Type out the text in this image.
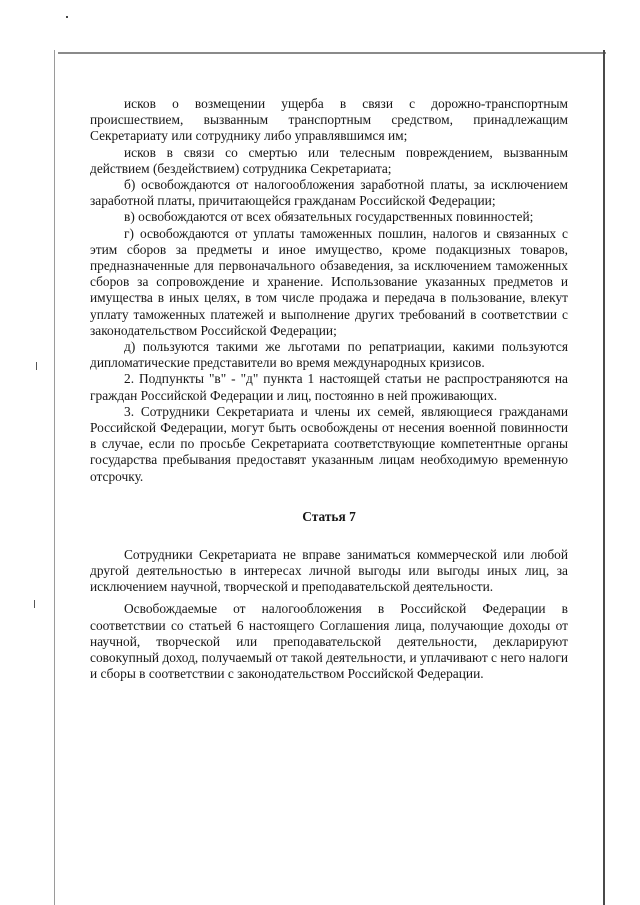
исков о возмещении ущерба в связи с дорожно-транспортным происшествием, вызванным транспортным средством, принадлежащим Секретариату или сотруднику либо управлявшимся им;

исков в связи со смертью или телесным повреждением, вызванным действием (бездействием) сотрудника Секретариата;

б) освобождаются от налогообложения заработной платы, за исключением заработной платы, причитающейся гражданам Российской Федерации;

в) освобождаются от всех обязательных государственных повинностей;

г) освобождаются от уплаты таможенных пошлин, налогов и связанных с этим сборов за предметы и иное имущество, кроме подакцизных товаров, предназначенные для первоначального обзаведения, за исключением таможенных сборов за сопровождение и хранение. Использование указанных предметов и имущества в иных целях, в том числе продажа и передача в пользование, влекут уплату таможенных платежей и выполнение других требований в соответствии с законодательством Российской Федерации;

д) пользуются такими же льготами по репатриации, какими пользуются дипломатические представители во время международных кризисов.

2. Подпункты "в" - "д" пункта 1 настоящей статьи не распространяются на граждан Российской Федерации и лиц, постоянно в ней проживающих.

3. Сотрудники Секретариата и члены их семей, являющиеся гражданами Российской Федерации, могут быть освобождены от несения военной повинности в случае, если по просьбе Секретариата соответствующие компетентные органы государства пребывания предоставят указанным лицам необходимую временную отсрочку.

Статья 7

Сотрудники Секретариата не вправе заниматься коммерческой или любой другой деятельностью в интересах личной выгоды или выгоды иных лиц, за исключением научной, творческой и преподавательской деятельности.

Освобождаемые от налогообложения в Российской Федерации в соответствии со статьей 6 настоящего Соглашения лица, получающие доходы от научной, творческой или преподавательской деятельности, декларируют совокупный доход, получаемый от такой деятельности, и уплачивают с него налоги и сборы в соответствии с законодательством Российской Федерации.
